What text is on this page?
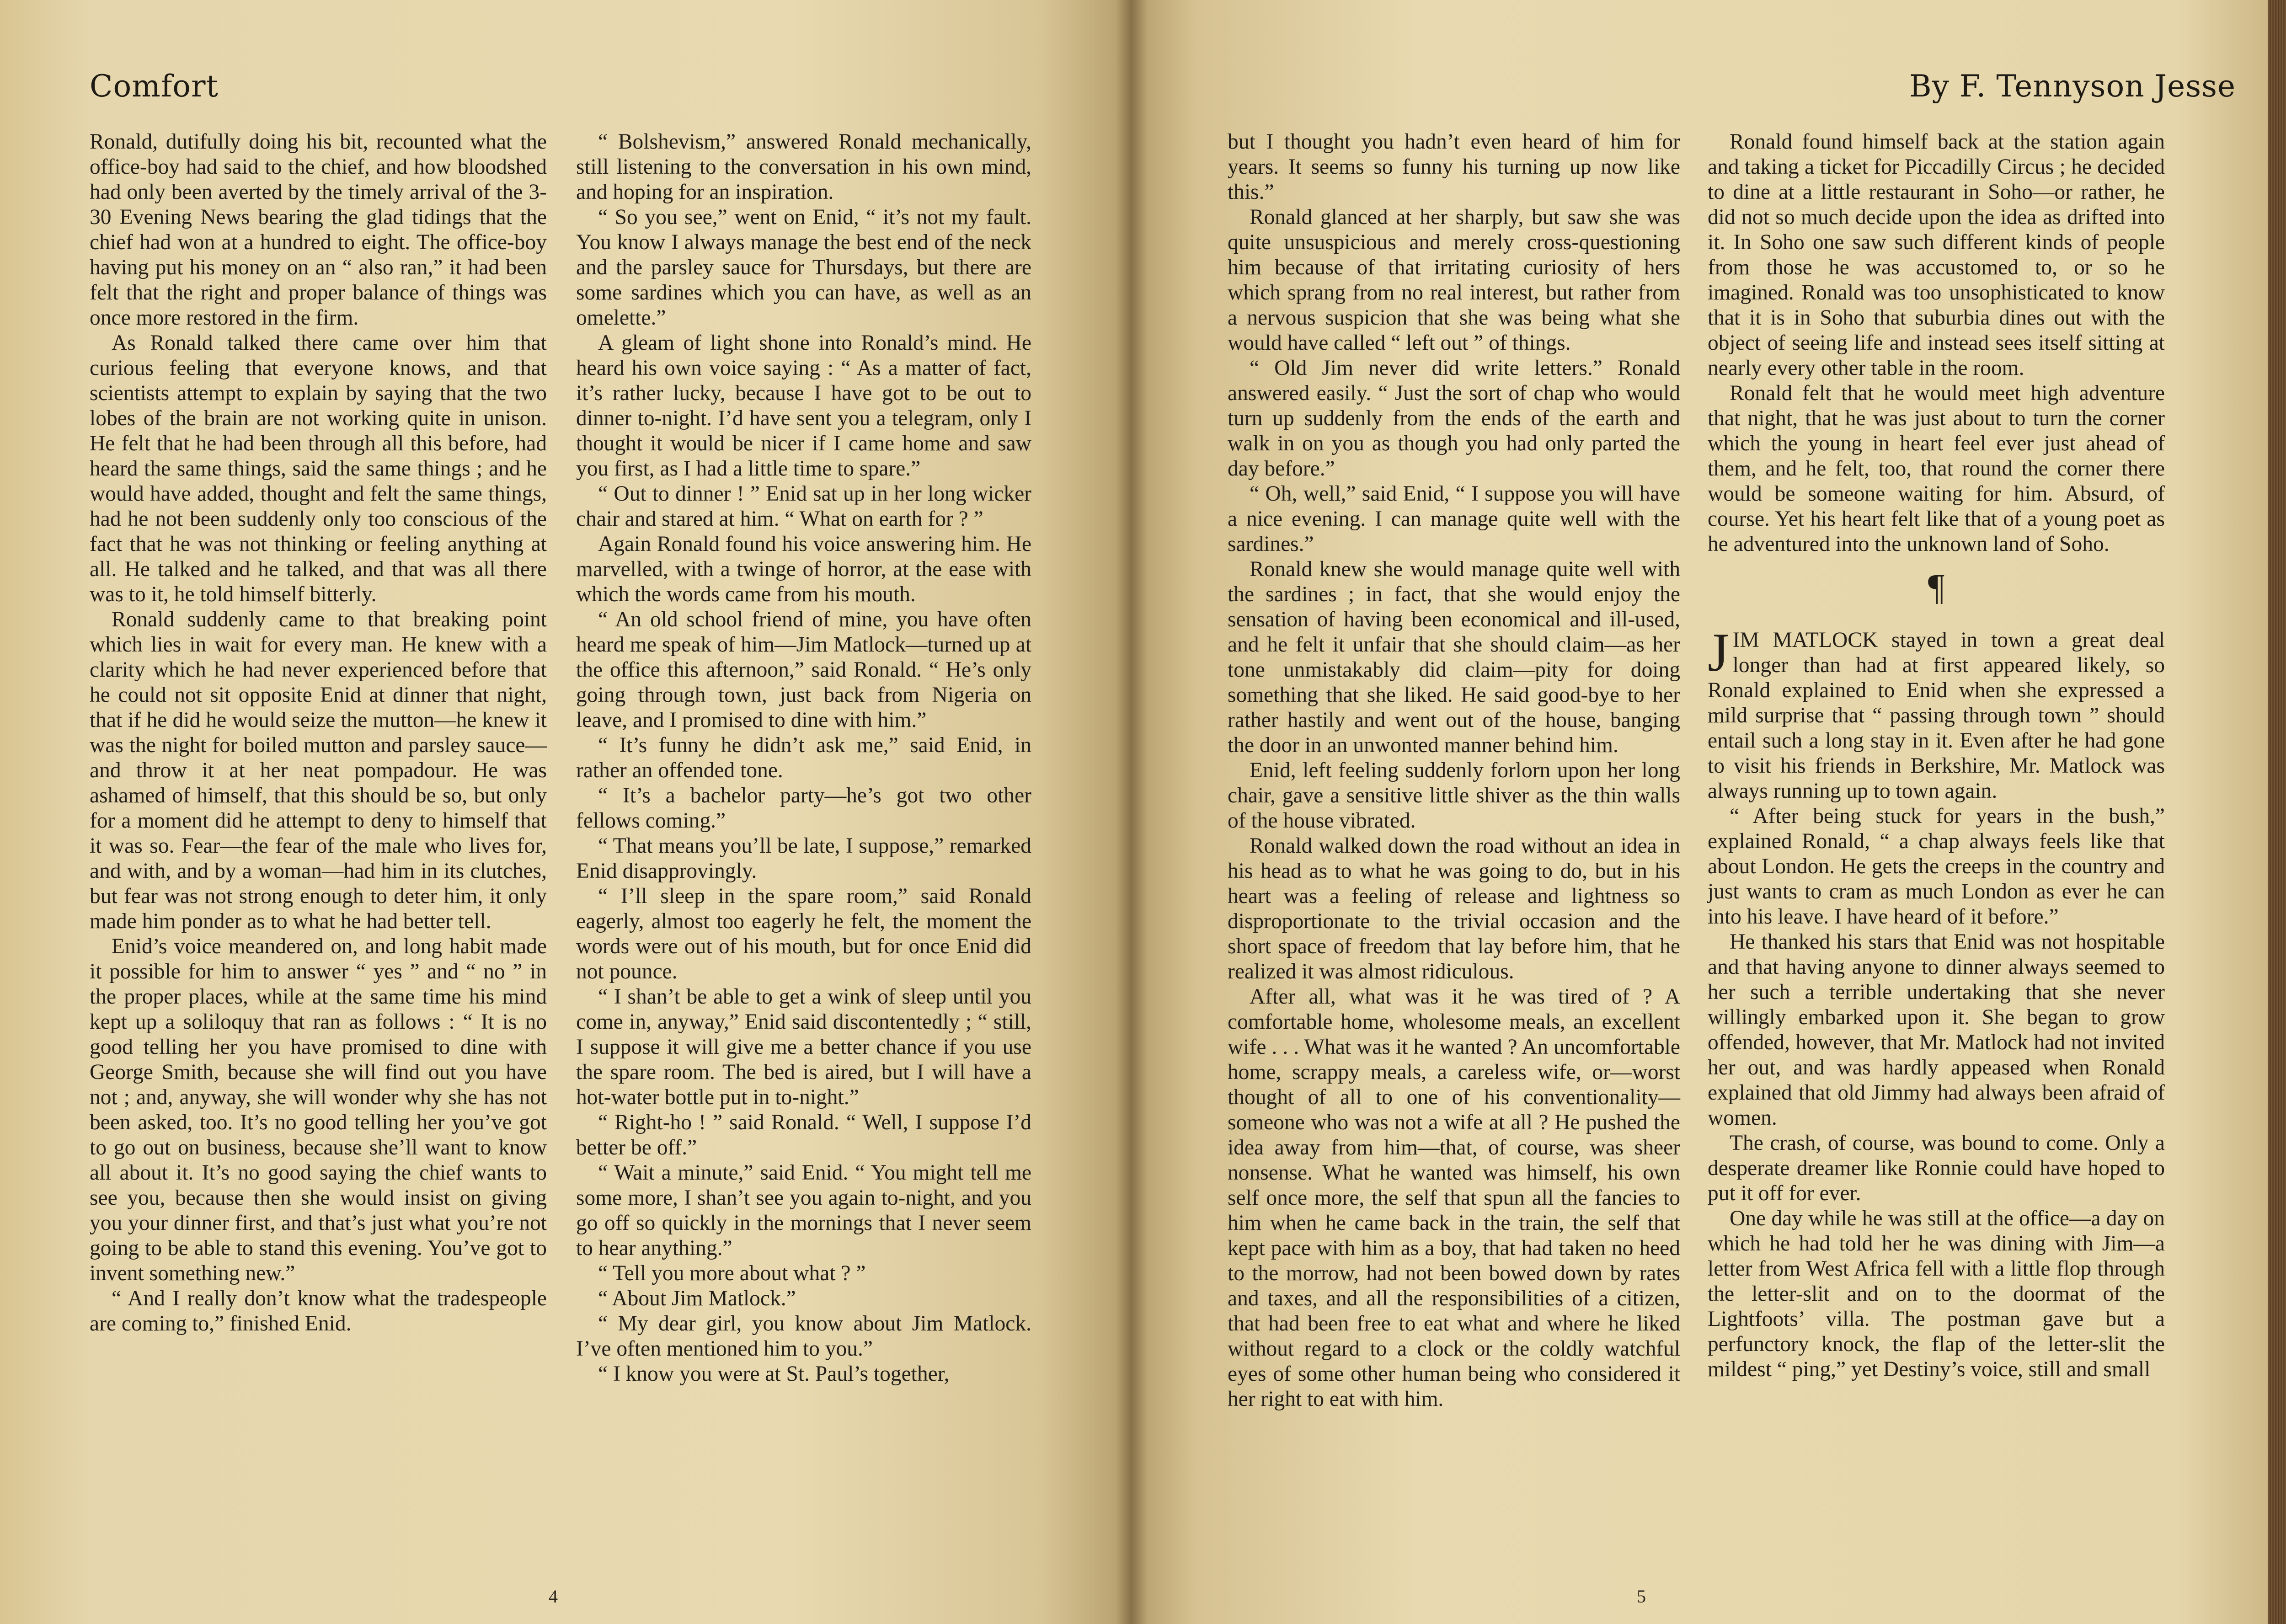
Comfort

Ronald, dutifully doing his bit, recounted what the office-boy had said to the chief, and how bloodshed had only been averted by the timely arrival of the 3-30 Evening News bearing the glad tidings that the chief had won at a hundred to eight. The office-boy having put his money on an “ also ran,” it had been felt that the right and proper balance of things was once more restored in the firm.

As Ronald talked there came over him that curious feeling that everyone knows, and that scientists attempt to explain by saying that the two lobes of the brain are not working quite in unison. He felt that he had been through all this before, had heard the same things, said the same things ; and he would have added, thought and felt the same things, had he not been suddenly only too conscious of the fact that he was not thinking or feeling anything at all. He talked and he talked, and that was all there was to it, he told himself bitterly.

Ronald suddenly came to that breaking point which lies in wait for every man. He knew with a clarity which he had never experienced before that he could not sit opposite Enid at dinner that night, that if he did he would seize the mutton—he knew it was the night for boiled mutton and parsley sauce—and throw it at her neat pompadour. He was ashamed of himself, that this should be so, but only for a moment did he attempt to deny to himself that it was so. Fear—the fear of the male who lives for, and with, and by a woman—had him in its clutches, but fear was not strong enough to deter him, it only made him ponder as to what he had better tell.

Enid’s voice meandered on, and long habit made it possible for him to answer “ yes ” and “ no ” in the proper places, while at the same time his mind kept up a soliloquy that ran as follows : “ It is no good telling her you have promised to dine with George Smith, because she will find out you have not ; and, anyway, she will wonder why she has not been asked, too. It’s no good telling her you’ve got to go out on business, because she’ll want to know all about it. It’s no good saying the chief wants to see you, because then she would insist on giving you your dinner first, and that’s just what you’re not going to be able to stand this evening. You’ve got to invent something new.”

“ And I really don’t know what the tradespeople are coming to,” finished Enid.

“ Bolshevism,” answered Ronald mechanically, still listening to the conversation in his own mind, and hoping for an inspiration.

“ So you see,” went on Enid, “ it’s not my fault. You know I always manage the best end of the neck and the parsley sauce for Thursdays, but there are some sardines which you can have, as well as an omelette.”

A gleam of light shone into Ronald’s mind. He heard his own voice saying : “ As a matter of fact, it’s rather lucky, because I have got to be out to dinner to-night. I’d have sent you a telegram, only I thought it would be nicer if I came home and saw you first, as I had a little time to spare.”

“ Out to dinner ! ” Enid sat up in her long wicker chair and stared at him. “ What on earth for ? ”

Again Ronald found his voice answering him. He marvelled, with a twinge of horror, at the ease with which the words came from his mouth.

“ An old school friend of mine, you have often heard me speak of him—Jim Matlock—turned up at the office this afternoon,” said Ronald. “ He’s only going through town, just back from Nigeria on leave, and I promised to dine with him.”

“ It’s funny he didn’t ask me,” said Enid, in rather an offended tone.

“ It’s a bachelor party—he’s got two other fellows coming.”

“ That means you’ll be late, I suppose,” remarked Enid disapprovingly.

“ I’ll sleep in the spare room,” said Ronald eagerly, almost too eagerly he felt, the moment the words were out of his mouth, but for once Enid did not pounce.

“ I shan’t be able to get a wink of sleep until you come in, anyway,” Enid said discontentedly ; “ still, I suppose it will give me a better chance if you use the spare room. The bed is aired, but I will have a hot-water bottle put in to-night.”

“ Right-ho ! ” said Ronald. “ Well, I suppose I’d better be off.”

“ Wait a minute,” said Enid. “ You might tell me some more, I shan’t see you again to-night, and you go off so quickly in the mornings that I never seem to hear anything.”

“ Tell you more about what ? ”

“ About Jim Matlock.”

“ My dear girl, you know about Jim Matlock. I’ve often mentioned him to you.”

“ I know you were at St. Paul’s together,

4
By F. Tennyson Jesse

but I thought you hadn’t even heard of him for years. It seems so funny his turning up now like this.”

Ronald glanced at her sharply, but saw she was quite unsuspicious and merely cross-questioning him because of that irritating curiosity of hers which sprang from no real interest, but rather from a nervous suspicion that she was being what she would have called “ left out ” of things.

“ Old Jim never did write letters.” Ronald answered easily. “ Just the sort of chap who would turn up suddenly from the ends of the earth and walk in on you as though you had only parted the day before.”

“ Oh, well,” said Enid, “ I suppose you will have a nice evening. I can manage quite well with the sardines.”

Ronald knew she would manage quite well with the sardines ; in fact, that she would enjoy the sensation of having been economical and ill-used, and he felt it unfair that she should claim—as her tone unmistakably did claim—pity for doing something that she liked. He said good-bye to her rather hastily and went out of the house, banging the door in an unwonted manner behind him.

Enid, left feeling suddenly forlorn upon her long chair, gave a sensitive little shiver as the thin walls of the house vibrated.

Ronald walked down the road without an idea in his head as to what he was going to do, but in his heart was a feeling of release and lightness so disproportionate to the trivial occasion and the short space of freedom that lay before him, that he realized it was almost ridiculous.

After all, what was it he was tired of ? A comfortable home, wholesome meals, an excellent wife . . . What was it he wanted ? An uncomfortable home, scrappy meals, a careless wife, or—worst thought of all to one of his conventionality—someone who was not a wife at all ? He pushed the idea away from him—that, of course, was sheer nonsense. What he wanted was himself, his own self once more, the self that spun all the fancies to him when he came back in the train, the self that kept pace with him as a boy, that had taken no heed to the morrow, had not been bowed down by rates and taxes, and all the responsibilities of a citizen, that had been free to eat what and where he liked without regard to a clock or the coldly watchful eyes of some other human being who considered it her right to eat with him.

Ronald found himself back at the station again and taking a ticket for Piccadilly Circus ; he decided to dine at a little restaurant in Soho—or rather, he did not so much decide upon the idea as drifted into it. In Soho one saw such different kinds of people from those he was accustomed to, or so he imagined. Ronald was too unsophisticated to know that it is in Soho that suburbia dines out with the object of seeing life and instead sees itself sitting at nearly every other table in the room.

Ronald felt that he would meet high adventure that night, that he was just about to turn the corner which the young in heart feel ever just ahead of them, and he felt, too, that round the corner there would be someone waiting for him. Absurd, of course. Yet his heart felt like that of a young poet as he adventured into the unknown land of Soho.

¶

JIM MATLOCK stayed in town a great deal longer than had at first appeared likely, so Ronald explained to Enid when she expressed a mild surprise that “ passing through town ” should entail such a long stay in it. Even after he had gone to visit his friends in Berkshire, Mr. Matlock was always running up to town again.

“ After being stuck for years in the bush,” explained Ronald, “ a chap always feels like that about London. He gets the creeps in the country and just wants to cram as much London as ever he can into his leave. I have heard of it before.”

He thanked his stars that Enid was not hospitable and that having anyone to dinner always seemed to her such a terrible undertaking that she never willingly embarked upon it. She began to grow offended, however, that Mr. Matlock had not invited her out, and was hardly appeased when Ronald explained that old Jimmy had always been afraid of women.

The crash, of course, was bound to come. Only a desperate dreamer like Ronnie could have hoped to put it off for ever.

One day while he was still at the office—a day on which he had told her he was dining with Jim—a letter from West Africa fell with a little flop through the letter-slit and on to the doormat of the Lightfoots’ villa. The postman gave but a perfunctory knock, the flap of the letter-slit the mildest “ ping,” yet Destiny’s voice, still and small

5
